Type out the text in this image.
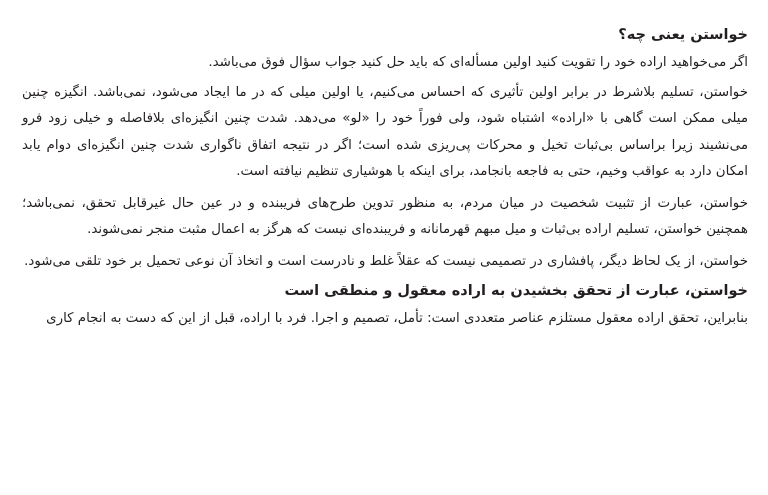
خواستن یعنی چه؟

اگر می‌خواهید اراده خود را تقویت کنید اولین مسأله‌ای که باید حل کنید جواب سؤال فوق می‌باشد.

خواستن، تسلیم بلاشرط در برابر اولین تأثیری که احساس می‌کنیم، یا اولین میلی که در ما ایجاد می‌شود، نمی‌باشد. انگیزه چنین میلی ممکن است گاهی با «اراده» اشتباه شود، ولی فوراً خود را «لو» می‌دهد. شدت چنین انگیزه‌ای بلافاصله و خیلی زود فرو می‌نشیند زیرا براساس بی‌ثبات تخیل و محرکات پی‌ریزی شده است؛ اگر در نتیجه اتفاق ناگواری شدت چنین انگیزه‌ای دوام یابد امکان دارد به عواقب وخیم، حتی به فاجعه بانجامد، برای اینکه با هوشیاری تنظیم نیافته است.

خواستن، عبارت از تثبیت شخصیت در میان مردم، به منظور تدوین طرح‌های فریبنده و در عین حال غیرقابل تحقق، نمی‌باشد؛ همچنین خواستن، تسلیم اراده بی‌ثبات و میل مبهم قهرمانانه و فریبنده‌ای نیست که هرگز به اعمال مثبت منجر نمی‌شوند.

خواستن، از یک لحاظ دیگر، پافشاری در تصمیمی نیست که عقلاً غلط و نادرست است و اتخاذ آن نوعی تحمیل بر خود تلقی می‌شود.

خواستن، عبارت از تحقق بخشیدن به اراده معقول و منطقی است

بنابراین، تحقق اراده معقول مستلزم عناصر متعددی است: تأمل، تصمیم و اجرا. فرد با اراده، قبل از این که دست به انجام کاری
